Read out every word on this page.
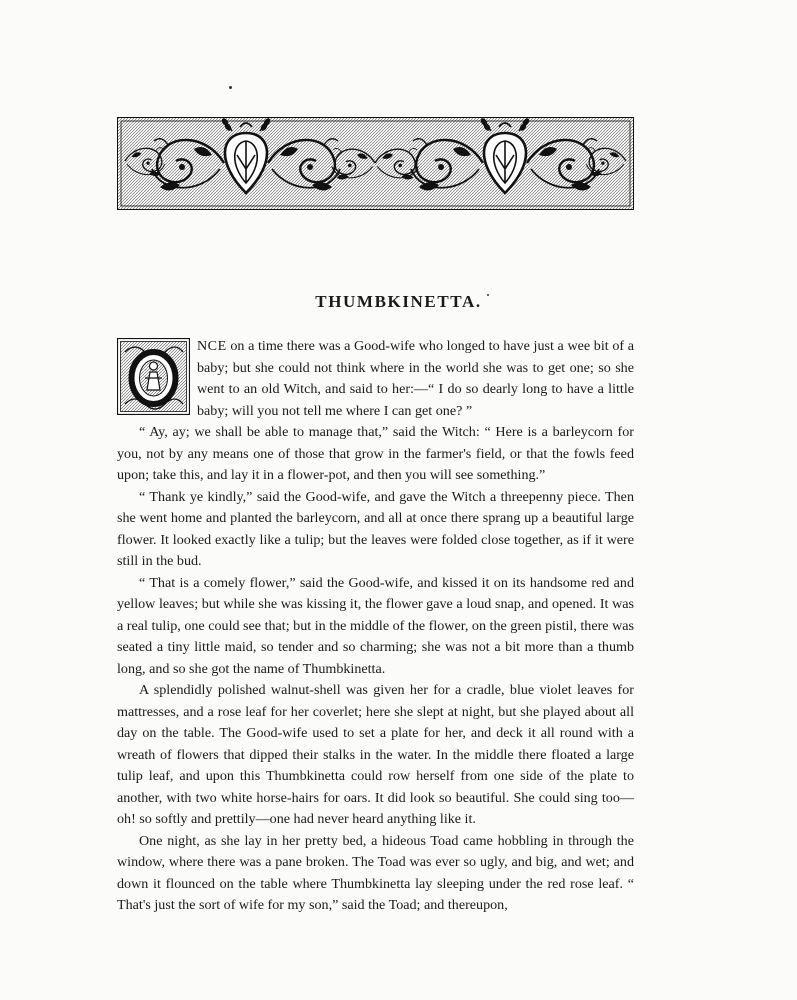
THUMBKINETTA.

NCE on a time there was a Good-wife who longed to have just a wee bit of a baby; but she could not think where in the world she was to get one; so she went to an old Witch, and said to her:—“ I do so dearly long to have a little baby; will you not tell me where I can get one? ”

“ Ay, ay; we shall be able to manage that,” said the Witch: “ Here is a barleycorn for you, not by any means one of those that grow in the farmer's field, or that the fowls feed upon; take this, and lay it in a flower-pot, and then you will see something.”

“ Thank ye kindly,” said the Good-wife, and gave the Witch a threepenny piece. Then she went home and planted the barleycorn, and all at once there sprang up a beautiful large flower. It looked exactly like a tulip; but the leaves were folded close together, as if it were still in the bud.

“ That is a comely flower,” said the Good-wife, and kissed it on its handsome red and yellow leaves; but while she was kissing it, the flower gave a loud snap, and opened. It was a real tulip, one could see that; but in the middle of the flower, on the green pistil, there was seated a tiny little maid, so tender and so charming; she was not a bit more than a thumb long, and so she got the name of Thumbkinetta.

A splendidly polished walnut-shell was given her for a cradle, blue violet leaves for mattresses, and a rose leaf for her coverlet; here she slept at night, but she played about all day on the table. The Good-wife used to set a plate for her, and deck it all round with a wreath of flowers that dipped their stalks in the water. In the middle there floated a large tulip leaf, and upon this Thumbkinetta could row herself from one side of the plate to another, with two white horse-hairs for oars. It did look so beautiful. She could sing too—oh! so softly and prettily—one had never heard anything like it.

One night, as she lay in her pretty bed, a hideous Toad came hobbling in through the window, where there was a pane broken. The Toad was ever so ugly, and big, and wet; and down it flounced on the table where Thumbkinetta lay sleeping under the red rose leaf. “ That's just the sort of wife for my son,” said the Toad; and thereupon,
